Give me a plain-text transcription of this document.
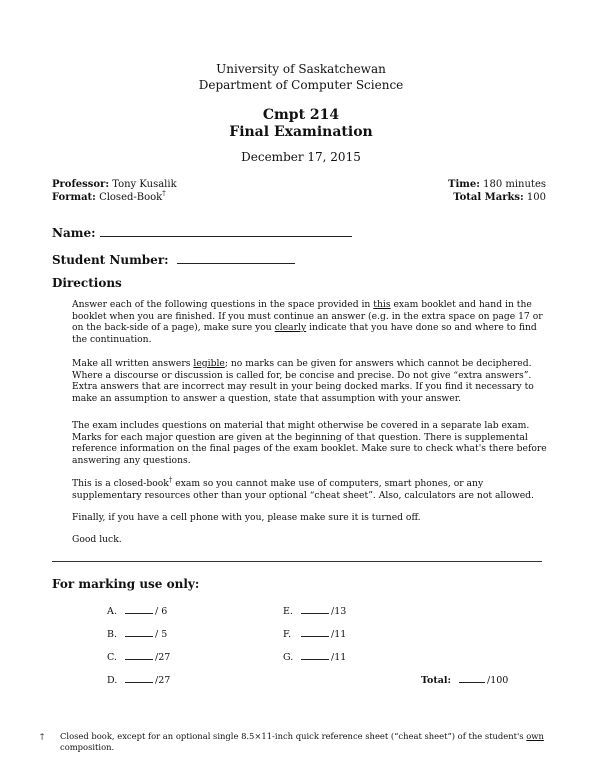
University of Saskatchewan
Department of Computer Science
Cmpt 214
Final Examination
December 17, 2015
Professor: Tony Kusalik
Format: Closed-Book†
Time: 180 minutes
Total Marks: 100
Name:
Student Number:
Directions

Answer each of the following questions in the space provided in this exam booklet and hand in the booklet when you are finished. If you must continue an answer (e.g. in the extra space on page 17 or on the back-side of a page), make sure you clearly indicate that you have done so and where to find the continuation.

Make all written answers legible; no marks can be given for answers which cannot be deciphered. Where a discourse or discussion is called for, be concise and precise. Do not give “extra answers”. Extra answers that are incorrect may result in your being docked marks. If you find it necessary to make an assumption to answer a question, state that assumption with your answer.

The exam includes questions on material that might otherwise be covered in a separate lab exam. Marks for each major question are given at the beginning of that question. There is supplemental reference information on the final pages of the exam booklet. Make sure to check what's there before answering any questions.

This is a closed-book† exam so you cannot make use of computers, smart phones, or any supplementary resources other than your optional “cheat sheet”. Also, calculators are not allowed.

Finally, if you have a cell phone with you, please make sure it is turned off.

Good luck.

For marking use only:
A.	/ 6
B.	/ 5
C.	/27
D.	/27
E.	/13
F.	/11
G.	/11
Total:	/100
†	Closed book, except for an optional single 8.5×11-inch quick reference sheet (“cheat sheet”) of the student's own composition.
